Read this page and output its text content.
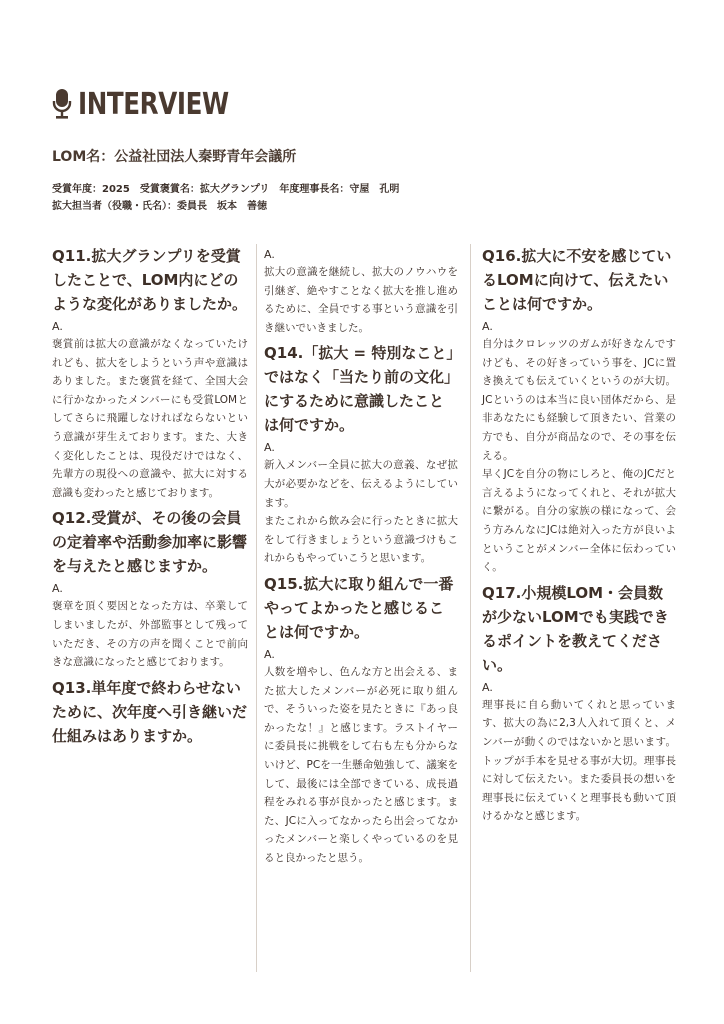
INTERVIEW
LOM名：公益社団法人秦野青年会議所
受賞年度：2025　受賞褒賞名：拡大グランプリ　年度理事長名：守屋　孔明
拡大担当者（役職・氏名）：委員長　坂本　善徳

Q11.拡大グランプリを受賞したことで、LOM内にどのような変化がありましたか。

A.

褒賞前は拡大の意識がなくなっていたけれども、拡大をしようという声や意識はありました。また褒賞を経て、全国大会に行かなかったメンバーにも受賞LOMとしてさらに飛躍しなければならないという意識が芽生えております。また、大きく変化したことは、現役だけではなく、先輩方の現役への意識や、拡大に対する意識も変わったと感じております。

Q12.受賞が、その後の会員の定着率や活動参加率に影響を与えたと感じますか。

A.

褒章を頂く要因となった方は、卒業してしまいましたが、外部監事として残っていただき、その方の声を聞くことで前向きな意識になったと感じております。

Q13.単年度で終わらせないために、次年度へ引き継いだ仕組みはありますか。

A.

拡大の意識を継続し、拡大のノウハウを引継ぎ、絶やすことなく拡大を推し進めるために、全員でする事という意識を引き継いでいきました。

Q14.「拡大 = 特別なこと」ではなく「当たり前の文化」にするために意識したことは何ですか。

A.

新入メンバー全員に拡大の意義、なぜ拡大が必要かなどを、伝えるようにしています。

またこれから飲み会に行ったときに拡大をして行きましょうという意識づけもこれからもやっていこうと思います。

Q15.拡大に取り組んで一番やってよかったと感じることは何ですか。

A.

人数を増やし、色んな方と出会える、また拡大したメンバーが必死に取り組んで、そういった姿を見たときに『あっ良かったな！』と感じます。ラストイヤーに委員長に挑戦をして右も左も分からないけど、PCを一生懸命勉強して、議案をして、最後には全部できている、成長過程をみれる事が良かったと感じます。また、JCに入ってなかったら出会ってなかったメンバーと楽しくやっているのを見ると良かったと思う。

Q16.拡大に不安を感じているLOMに向けて、伝えたいことは何ですか。

A.

自分はクロレッツのガムが好きなんですけども、その好きっていう事を、JCに置き換えても伝えていくというのが大切。JCというのは本当に良い団体だから、是非あなたにも経験して頂きたい、営業の方でも、自分が商品なので、その事を伝える。

早くJCを自分の物にしろと、俺のJCだと言えるようになってくれと、それが拡大に繋がる。自分の家族の様になって、会う方みんなにJCは絶対入った方が良いよということがメンバー全体に伝わっていく。

Q17.小規模LOM・会員数が少ないLOMでも実践できるポイントを教えてください。

A.

理事長に自ら動いてくれと思っています、拡大の為に2,3人入れて頂くと、メンバーが動くのではないかと思います。トップが手本を見せる事が大切。理事長に対して伝えたい。また委員長の想いを理事長に伝えていくと理事長も動いて頂けるかなと感じます。
